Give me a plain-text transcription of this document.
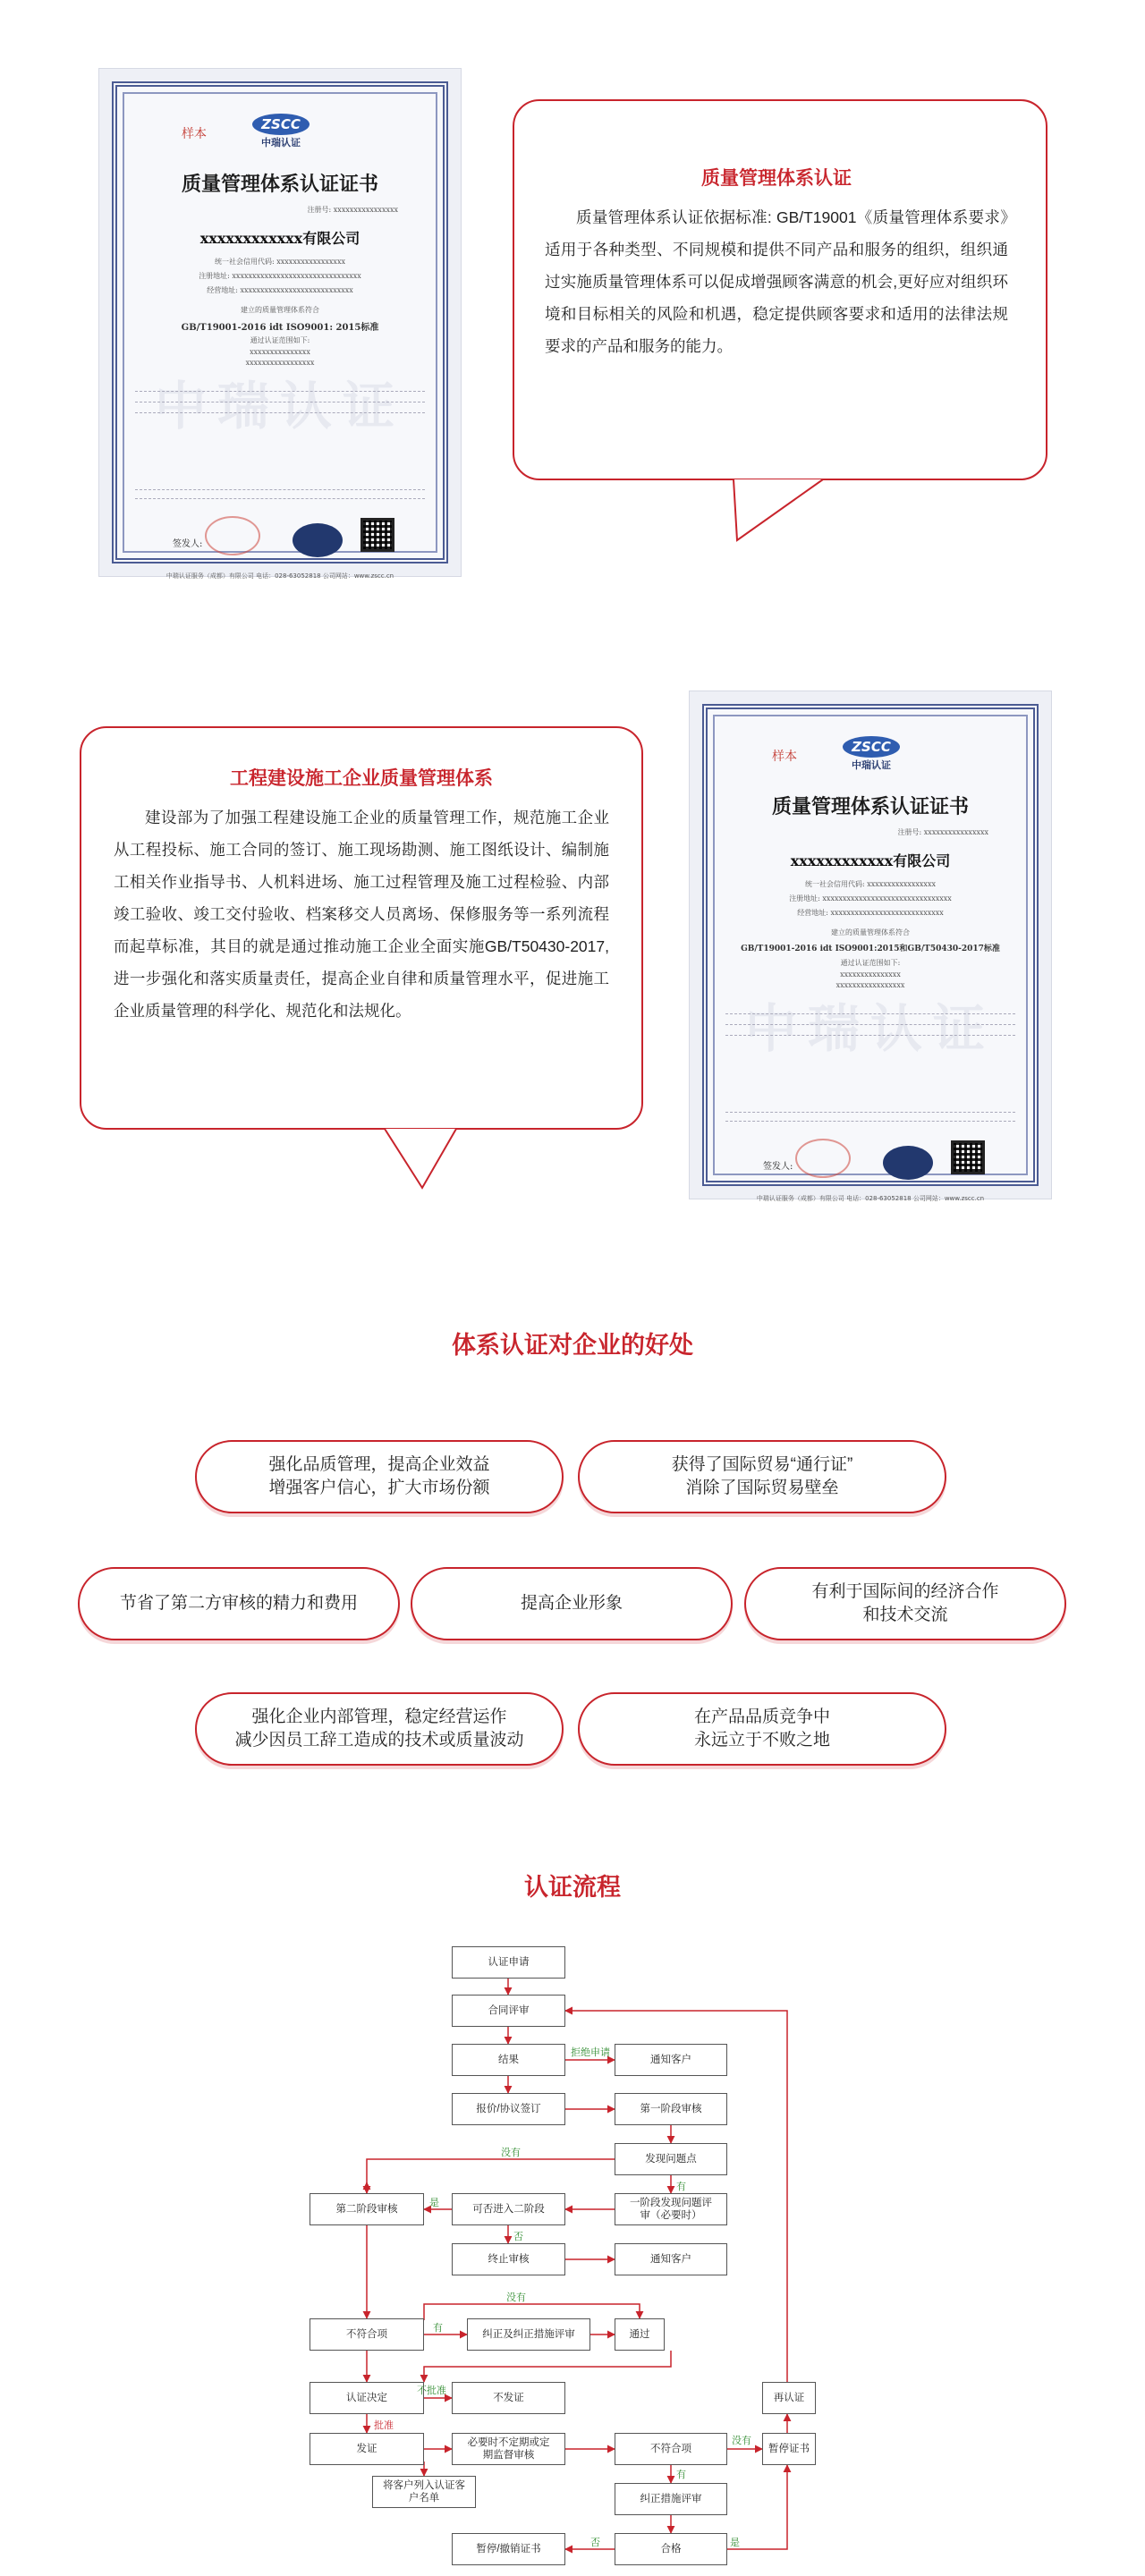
样本
ZSCC
中瑞认证
质量管理体系认证证书
注册号: xxxxxxxxxxxxxxxx
xxxxxxxxxxxx有限公司
统一社会信用代码: xxxxxxxxxxxxxxxxx
注册地址: xxxxxxxxxxxxxxxxxxxxxxxxxxxxxxxx
经营地址: xxxxxxxxxxxxxxxxxxxxxxxxxxxx
建立的质量管理体系符合
GB/T19001-2016 idt ISO9001: 2015标准
通过认证范围如下:
xxxxxxxxxxxxxxx
xxxxxxxxxxxxxxxxx
中瑞认证
签发人:
中瑞认证服务（成都）有限公司 电话：028-63052818 公司网站：www.zscc.cn
质量管理体系认证

质量管理体系认证依据标准: GB/T19001《质量管理体系要求》适用于各种类型、不同规模和提供不同产品和服务的组织，组织通过实施质量管理体系可以促成增强顾客满意的机会,更好应对组织环境和目标相关的风险和机遇，稳定提供顾客要求和适用的法律法规要求的产品和服务的能力。

工程建设施工企业质量管理体系

建设部为了加强工程建设施工企业的质量管理工作，规范施工企业从工程投标、施工合同的签订、施工现场勘测、施工图纸设计、编制施工相关作业指导书、人机料进场、施工过程管理及施工过程检验、内部竣工验收、竣工交付验收、档案移交人员离场、保修服务等一系列流程而起草标准，其目的就是通过推动施工企业全面实施GB/T50430-2017,进一步强化和落实质量责任，提高企业自律和质量管理水平，促进施工企业质量管理的科学化、规范化和法规化。

样本
ZSCC
中瑞认证
质量管理体系认证证书
注册号: xxxxxxxxxxxxxxxx
xxxxxxxxxxxx有限公司
统一社会信用代码: xxxxxxxxxxxxxxxxx
注册地址: xxxxxxxxxxxxxxxxxxxxxxxxxxxxxxxx
经营地址: xxxxxxxxxxxxxxxxxxxxxxxxxxxx
建立的质量管理体系符合
GB/T19001-2016 idt ISO9001:2015和GB/T50430-2017标准
通过认证范围如下:
xxxxxxxxxxxxxxx
xxxxxxxxxxxxxxxxx
中瑞认证
签发人:
中瑞认证服务（成都）有限公司 电话：028-63052818 公司网站：www.zscc.cn
体系认证对企业的好处
强化品质管理，提高企业效益
增强客户信心，扩大市场份额
获得了国际贸易“通行证”
消除了国际贸易壁垒
节省了第二方审核的精力和费用	提高企业形象
有利于国际间的经济合作
和技术交流
强化企业内部管理，稳定经营运作
减少因员工辞工造成的技术或质量波动
在产品品质竞争中
永远立于不败之地
认证流程
认证申请
合同评审
结果	通知客户
报价/协议签订	第一阶段审核
发现问题点
第二阶段审核	可否进入二阶段
一阶段发现问题评审（必要时）
终止审核	通知客户
不符合项	纠正及纠正措施评审	通过
认证决定	不发证	再认证
发证
必要时不定期或定期监督审核
不符合项	暂停证书
将客户列入认证客户名单	纠正措施评审
暂停/撤销证书	合格
拒绝申请
没有
有
是
否
没有
有
不批准
批准
没有
有
否	是
